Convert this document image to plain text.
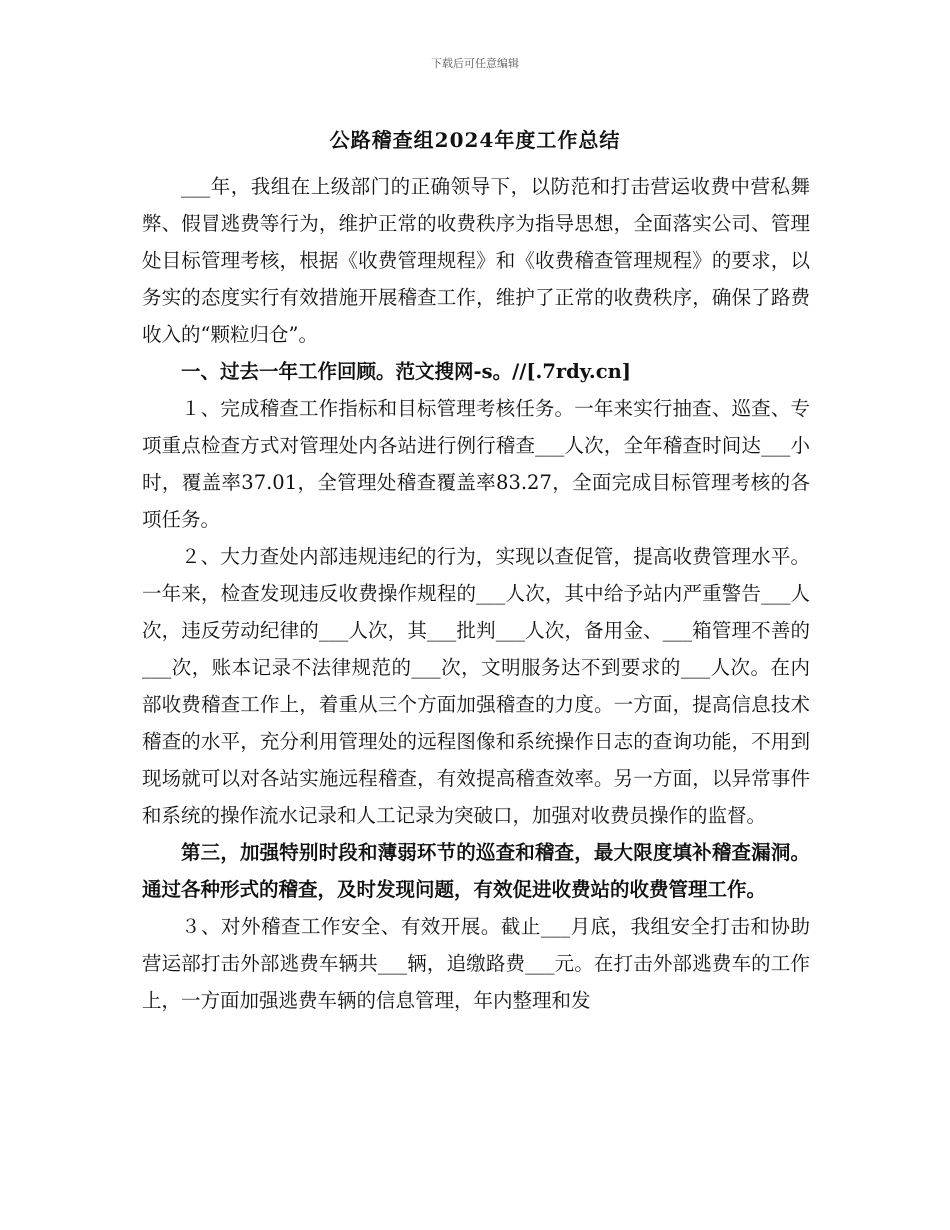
下载后可任意编辑
公路稽查组2024年度工作总结

___年，我组在上级部门的正确领导下，以防范和打击营运收费中营私舞弊、假冒逃费等行为，维护正常的收费秩序为指导思想，全面落实公司、管理处目标管理考核，根据《收费管理规程》和《收费稽查管理规程》的要求，以务实的态度实行有效措施开展稽查工作，维护了正常的收费秩序，确保了路费收入的“颗粒归仓”。

一、过去一年工作回顾。范文搜网-s。//[.7rdy.cn]

１、完成稽查工作指标和目标管理考核任务。一年来实行抽查、巡查、专项重点检查方式对管理处内各站进行例行稽查___人次，全年稽查时间达___小时，覆盖率37.01，全管理处稽查覆盖率83.27，全面完成目标管理考核的各项任务。

２、大力查处内部违规违纪的行为，实现以查促管，提高收费管理水平。一年来，检查发现违反收费操作规程的___人次，其中给予站内严重警告___人次，违反劳动纪律的___人次，其___批判___人次，备用金、___箱管理不善的___次，账本记录不法律规范的___次，文明服务达不到要求的___人次。在内部收费稽查工作上，着重从三个方面加强稽查的力度。一方面，提高信息技术稽查的水平，充分利用管理处的远程图像和系统操作日志的查询功能，不用到现场就可以对各站实施远程稽查，有效提高稽查效率。另一方面，以异常事件和系统的操作流水记录和人工记录为突破口，加强对收费员操作的监督。

第三，加强特别时段和薄弱环节的巡查和稽查，最大限度填补稽查漏洞。通过各种形式的稽查，及时发现问题，有效促进收费站的收费管理工作。

３、对外稽查工作安全、有效开展。截止___月底，我组安全打击和协助营运部打击外部逃费车辆共___辆，追缴路费___元。在打击外部逃费车的工作上，一方面加强逃费车辆的信息管理，年内整理和发
